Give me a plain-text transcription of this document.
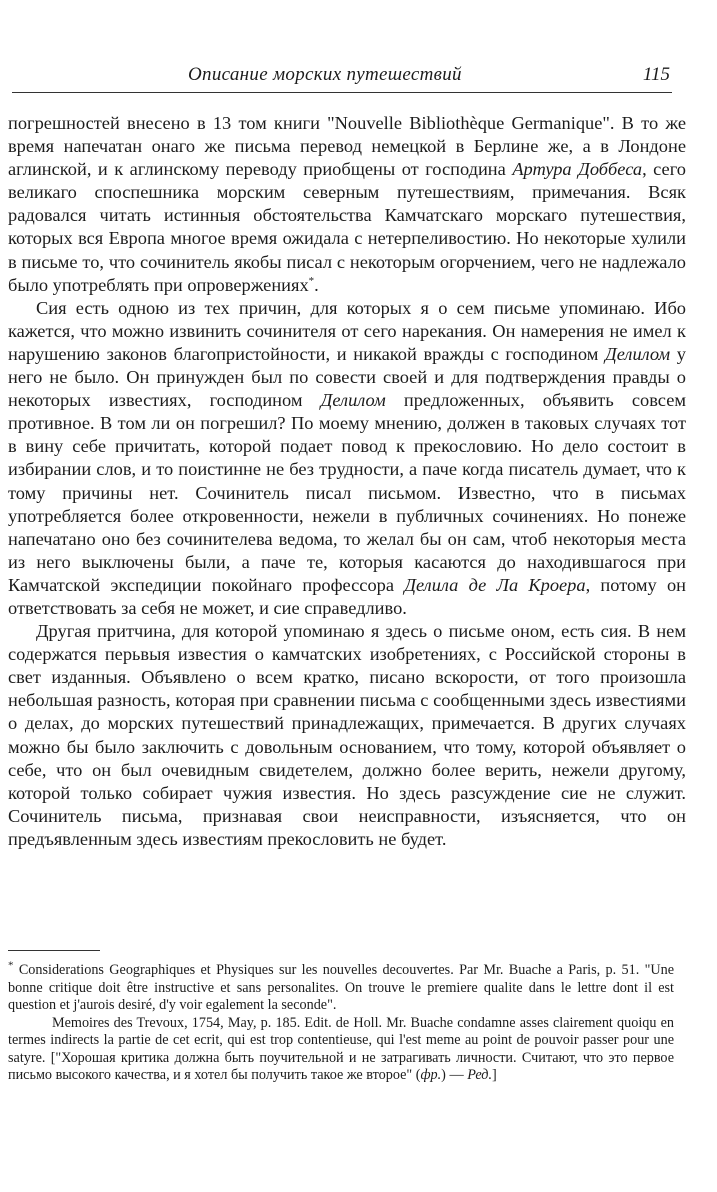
Описание морских путешествий	115

погрешностей внесено в 13 том книги "Nouvelle Bibliothèque Germanique". В то же время напечатан онаго же письма перевод немецкой в Берлине же, а в Лондоне аглинской, и к аглинскому переводу приобщены от господина Артура Доббеса, сего великаго споспешника морским северным путешествиям, примечания. Всяк радовался читать истинныя обстоятельства Камчатскаго морскаго путешествия, которых вся Европа многое время ожидала с нетерпеливостию. Но некоторые хулили в письме то, что сочинитель якобы писал с некоторым огорчением, чего не надлежало было употреблять при опровержениях*.

Сия есть одною из тех причин, для которых я о сем письме упоминаю. Ибо кажется, что можно извинить сочинителя от сего нарекания. Он намерения не имел к нарушению законов благопристойности, и никакой вражды с господином Делилом у него не было. Он принужден был по совести своей и для подтверждения правды о некоторых известиях, господином Делилом предложенных, объявить совсем противное. В том ли он погрешил? По моему мнению, должен в таковых случаях тот в вину себе причитать, которой подает повод к прекословию. Но дело состоит в избирании слов, и то поистинне не без трудности, а паче когда писатель думает, что к тому причины нет. Сочинитель писал письмом. Известно, что в письмах употребляется более откровенности, нежели в публичных сочинениях. Но понеже напечатано оно без сочинителева ведома, то желал бы он сам, чтоб некоторыя места из него выключены были, а паче те, которыя касаются до находившагося при Камчатской экспедиции покойнаго профессора Делила де Ла Кроера, потому он ответствовать за себя не может, и сие справедливо.

Другая притчина, для которой упоминаю я здесь о письме оном, есть сия. В нем содержатся перьвыя известия о камчатских изобретениях, с Российской стороны в свет изданныя. Объявлено о всем кратко, писано вскорости, от того произошла небольшая разность, которая при сравнении письма с сообщенными здесь известиями о делах, до морских путешествий принадлежащих, примечается. В других случаях можно бы было заключить с довольным основанием, что тому, которой объявляет о себе, что он был очевидным свидетелем, должно более верить, нежели другому, которой только собирает чужия известия. Но здесь разсуждение сие не служит. Сочинитель письма, признавая свои неисправности, изъясняется, что он предъявленным здесь известиям прекословить не будет.

* Considerations Geographiques et Physiques sur les nouvelles decouvertes. Par Mr. Buache a Paris, p. 51. "Une bonne critique doit être instructive et sans personalites. On trouve le premiere qualite dans le lettre dont il est question et j'aurois desiré, d'y voir egalement la seconde".

Memoires des Trevoux, 1754, May, p. 185. Edit. de Holl. Mr. Buache condamne asses clairement quoiqu en termes indirects la partie de cet ecrit, qui est trop contentieuse, qui l'est meme au point de pouvoir passer pour une satyre. ["Хорошая критика должна быть поучительной и не затрагивать личности. Считают, что это первое письмо высокого качества, и я хотел бы получить такое же второе" (фр.) — Ред.]
